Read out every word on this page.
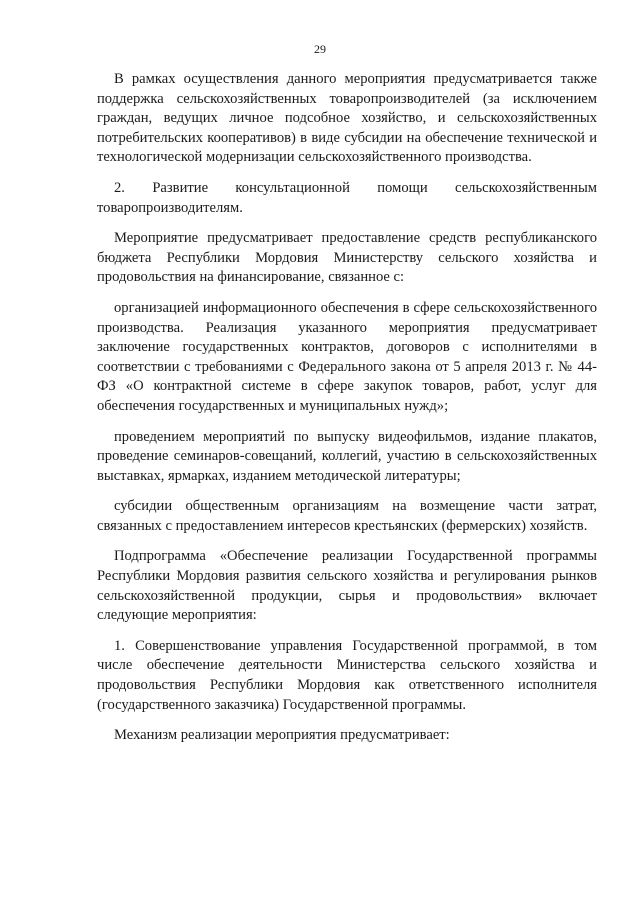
29

В рамках осуществления данного мероприятия предусматривается также поддержка сельскохозяйственных товаропроизводителей (за исключением граждан, ведущих личное подсобное хозяйство, и сельскохозяйственных потребительских кооперативов) в виде субсидии на обеспечение технической и технологической модернизации сельскохозяйственного производства.

2. Развитие консультационной помощи сельскохозяйственным товаропроизводителям.

Мероприятие предусматривает предоставление средств республиканского бюджета Республики Мордовия Министерству сельского хозяйства и продовольствия на финансирование, связанное с:

организацией информационного обеспечения в сфере сельскохозяйственного производства. Реализация указанного мероприятия предусматривает заключение государственных контрактов, договоров с исполнителями в соответствии с требованиями с Федерального закона от 5 апреля 2013 г. № 44-ФЗ «О контрактной системе в сфере закупок товаров, работ, услуг для обеспечения государственных и муниципальных нужд»;

проведением мероприятий по выпуску видеофильмов, издание плакатов, проведение семинаров-совещаний, коллегий, участию в сельскохозяйственных выставках, ярмарках, изданием методической литературы;

субсидии общественным организациям на возмещение части затрат, связанных с предоставлением интересов крестьянских (фермерских) хозяйств.

Подпрограмма «Обеспечение реализации Государственной программы Республики Мордовия развития сельского хозяйства и регулирования рынков сельскохозяйственной продукции, сырья и продовольствия» включает следующие мероприятия:

1. Совершенствование управления Государственной программой, в том числе обеспечение деятельности Министерства сельского хозяйства и продовольствия Республики Мордовия как ответственного исполнителя (государственного заказчика) Государственной программы.

Механизм реализации мероприятия предусматривает:
